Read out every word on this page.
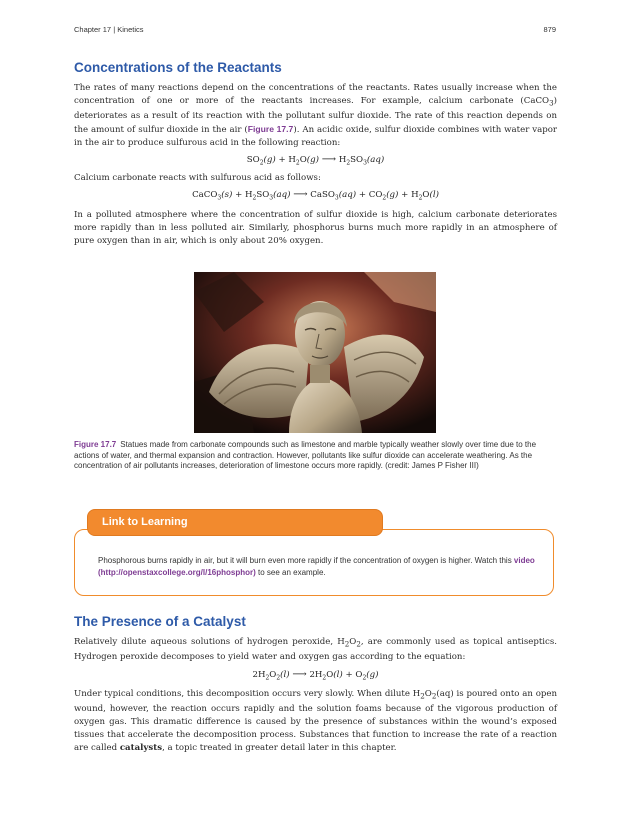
Chapter 17 | Kinetics	879
Concentrations of the Reactants

The rates of many reactions depend on the concentrations of the reactants. Rates usually increase when the concentration of one or more of the reactants increases. For example, calcium carbonate (CaCO$_3$) deteriorates as a result of its reaction with the pollutant sulfur dioxide. The rate of this reaction depends on the amount of sulfur dioxide in the air (Figure 17.7). An acidic oxide, sulfur dioxide combines with water vapor in the air to produce sulfurous acid in the following reaction:

$SO_2(g) + H_2O(g)$ ⟶ $H_2SO_3(aq)$

Calcium carbonate reacts with sulfurous acid as follows:

CaCO$_3$(s) + $H_2SO_3(aq)$ ⟶ CaSO$_3$(aq) + $CO_2(g) + H_2O(l)$

In a polluted atmosphere where the concentration of sulfur dioxide is high, calcium carbonate deteriorates more rapidly than in less polluted air. Similarly, phosphorus burns much more rapidly in an atmosphere of pure oxygen than in air, which is only about 20% oxygen.

Figure 17.7 Statues made from carbonate compounds such as limestone and marble typically weather slowly over time due to the actions of water, and thermal expansion and contraction. However, pollutants like sulfur dioxide can accelerate weathering. As the concentration of air pollutants increases, deterioration of limestone occurs more rapidly. (credit: James P Fisher III)

Link to Learning

Phosphorous burns rapidly in air, but it will burn even more rapidly if the concentration of oxygen is higher. Watch this video (http://openstaxcollege.org/l/16phosphor) to see an example.

The Presence of a Catalyst

Relatively dilute aqueous solutions of hydrogen peroxide, $H_2O_2$, are commonly used as topical antiseptics. Hydrogen peroxide decomposes to yield water and oxygen gas according to the equation:

$2H_2O_2(l)$ ⟶ $2H_2O(l) + O_2(g)$

Under typical conditions, this decomposition occurs very slowly. When dilute $H_2O_2(aq)$ is poured onto an open wound, however, the reaction occurs rapidly and the solution foams because of the vigorous production of oxygen gas. This dramatic difference is caused by the presence of substances within the wound’s exposed tissues that accelerate the decomposition process. Substances that function to increase the rate of a reaction are called catalysts, a topic treated in greater detail later in this chapter.
